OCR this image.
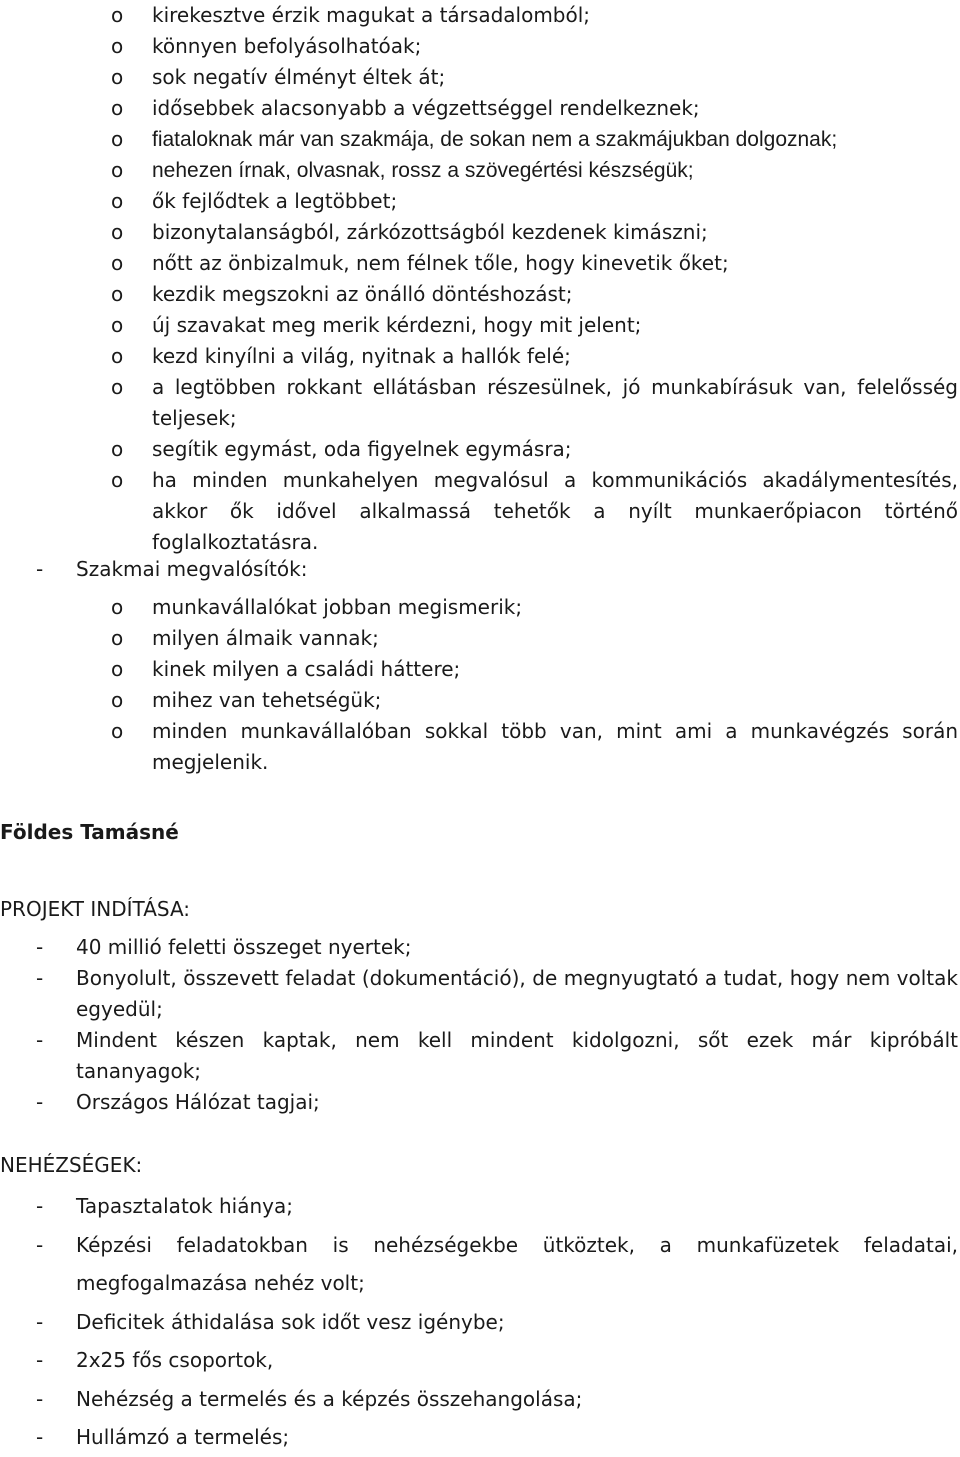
o kirekesztve érzik magukat a társadalomból;
o könnyen befolyásolhatóak;
o sok negatív élményt éltek át;
o idősebbek alacsonyabb a végzettséggel rendelkeznek;
o fiataloknak már van szakmája, de sokan nem a szakmájukban dolgoznak;
o nehezen írnak, olvasnak, rossz a szövegértési készségük;
o ők fejlődtek a legtöbbet;
o bizonytalanságból, zárkózottságból kezdenek kimászni;
o nőtt az önbizalmuk, nem félnek tőle, hogy kinevetik őket;
o kezdik megszokni az önálló döntéshozást;
o új szavakat meg merik kérdezni, hogy mit jelent;
o kezd kinyílni a világ, nyitnak a hallók felé;
o a legtöbben rokkant ellátásban részesülnek, jó munkabírásuk van, felelősség teljesek;
o segítik egymást, oda figyelnek egymásra;
o ha minden munkahelyen megvalósul a kommunikációs akadálymentesítés, akkor ők idővel alkalmassá tehetők a nyílt munkaerőpiacon történő foglalkoztatásra.
- Szakmai megvalósítók:
o munkavállalókat jobban megismerik;
o milyen álmaik vannak;
o kinek milyen a családi háttere;
o mihez van tehetségük;
o minden munkavállalóban sokkal több van, mint ami a munkavégzés során megjelenik.
Földes Tamásné
PROJEKT INDÍTÁSA:
- 40 millió feletti összeget nyertek;
- Bonyolult, összevett feladat (dokumentáció), de megnyugtató a tudat, hogy nem voltak egyedül;
- Mindent készen kaptak, nem kell mindent kidolgozni, sőt ezek már kipróbált tananyagok;
- Országos Hálózat tagjai;
NEHÉZSÉGEK:
- Tapasztalatok hiánya;
- Képzési feladatokban is nehézségekbe ütköztek, a munkafüzetek feladatai, megfogalmazása nehéz volt;
- Deficitek áthidalása sok időt vesz igénybe;
- 2x25 fős csoportok,
- Nehézség a termelés és a képzés összehangolása;
- Hullámzó a termelés;
